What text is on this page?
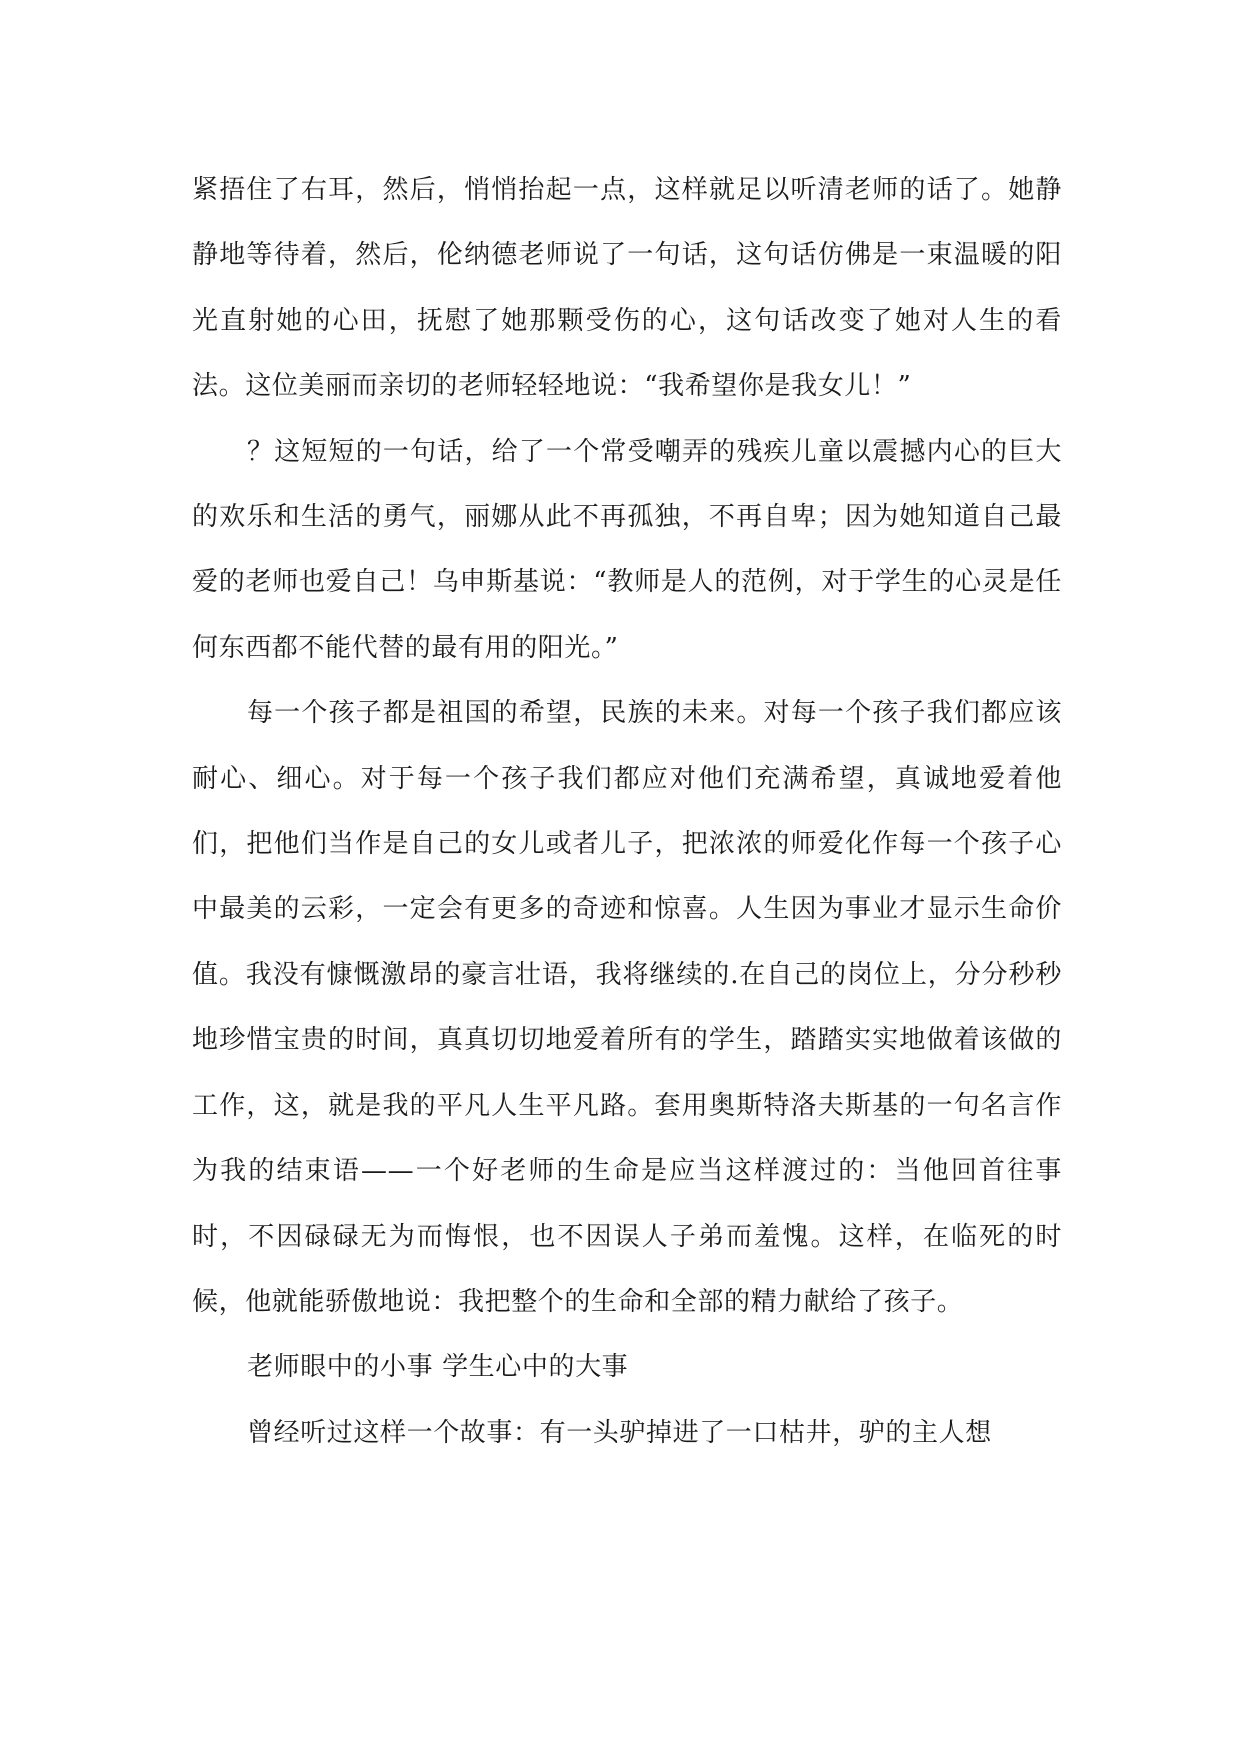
紧捂住了右耳，然后，悄悄抬起一点，这样就足以听清老师的话了。她静静地等待着，然后，伦纳德老师说了一句话，这句话仿佛是一束温暖的阳光直射她的心田，抚慰了她那颗受伤的心，这句话改变了她对人生的看法。这位美丽而亲切的老师轻轻地说：“我希望你是我女儿！”

？这短短的一句话，给了一个常受嘲弄的残疾儿童以震撼内心的巨大的欢乐和生活的勇气，丽娜从此不再孤独，不再自卑；因为她知道自己最爱的老师也爱自己！乌申斯基说：“教师是人的范例，对于学生的心灵是任何东西都不能代替的最有用的阳光。”

每一个孩子都是祖国的希望，民族的未来。对每一个孩子我们都应该耐心、细心。对于每一个孩子我们都应对他们充满希望，真诚地爱着他们，把他们当作是自己的女儿或者儿子，把浓浓的师爱化作每一个孩子心中最美的云彩，一定会有更多的奇迹和惊喜。人生因为事业才显示生命价值。我没有慷慨激昂的豪言壮语，我将继续的.在自己的岗位上，分分秒秒地珍惜宝贵的时间，真真切切地爱着所有的学生，踏踏实实地做着该做的工作，这，就是我的平凡人生平凡路。套用奥斯特洛夫斯基的一句名言作为我的结束语——一个好老师的生命是应当这样渡过的：当他回首往事时，不因碌碌无为而悔恨，也不因误人子弟而羞愧。这样，在临死的时候，他就能骄傲地说：我把整个的生命和全部的精力献给了孩子。

老师眼中的小事 学生心中的大事

曾经听过这样一个故事：有一头驴掉进了一口枯井，驴的主人想
